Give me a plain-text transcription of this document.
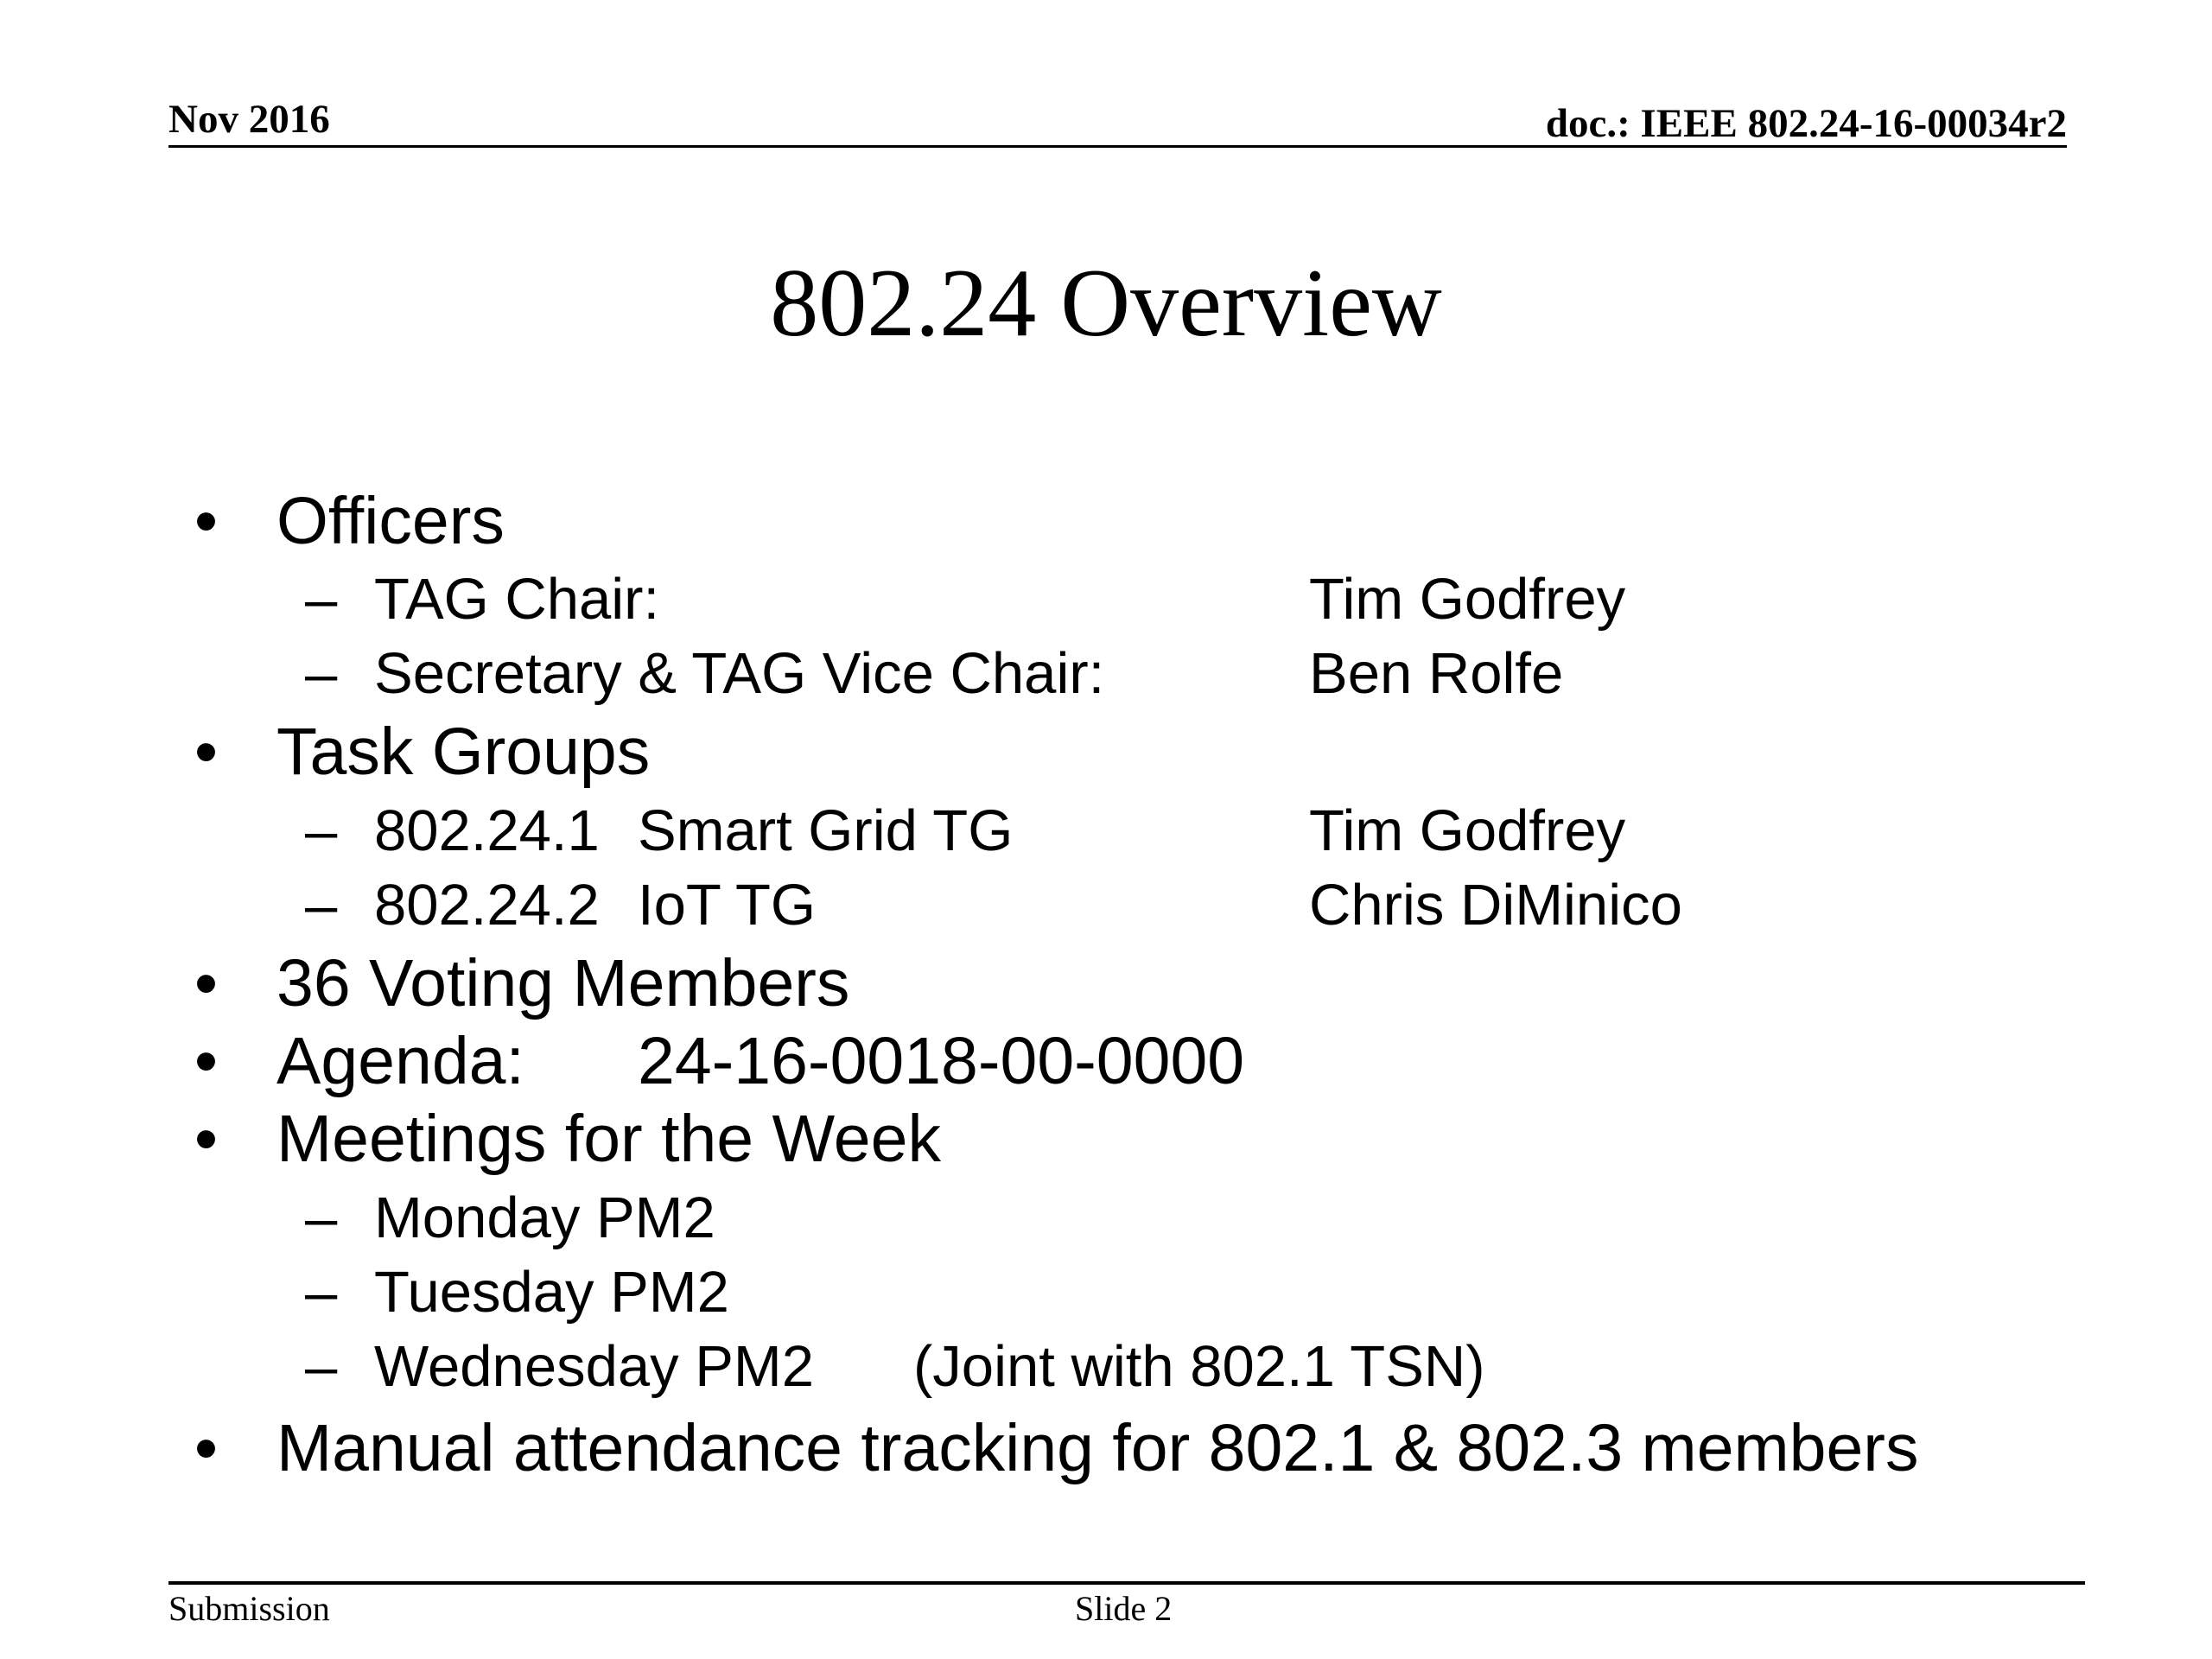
Nov 2016	doc.: IEEE 802.24-16-00034r2
802.24 Overview
• Officers
– TAG Chair:	Tim Godfrey
– Secretary & TAG Vice Chair:	Ben Rolfe
• Task Groups
– 802.24.1 Smart Grid TG	Tim Godfrey
– 802.24.2 IoT TG	Chris DiMinico
• 36 Voting Members
• Agenda: 24-16-0018-00-0000
• Meetings for the Week
– Monday PM2
– Tuesday PM2
– Wednesday PM2 (Joint with 802.1 TSN)
• Manual attendance tracking for 802.1 & 802.3 members
Submission	Slide 2
